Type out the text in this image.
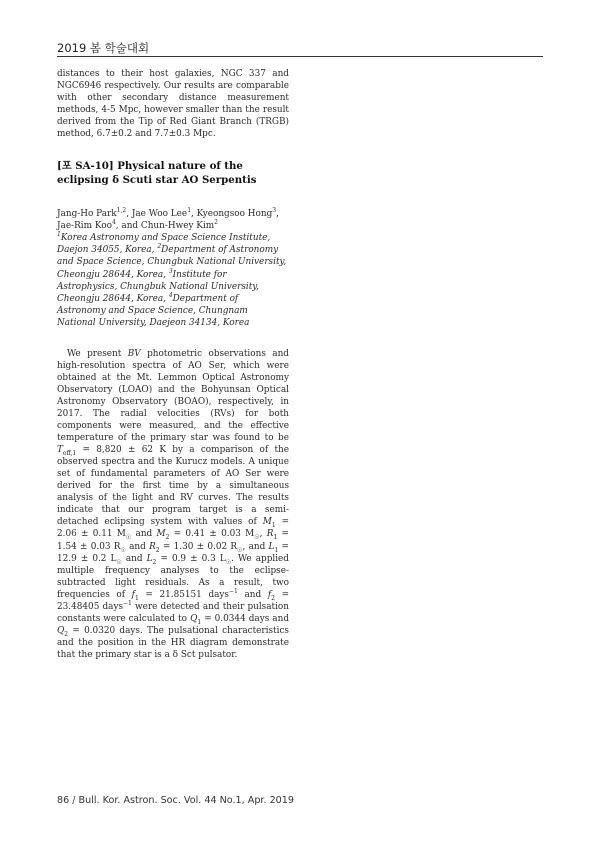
2019 봄 학술대회

distances to their host galaxies, NGC 337 and NGC6946 respectively. Our results are comparable with other secondary distance measurement methods, 4-5 Mpc, however smaller than the result derived from the Tip of Red Giant Branch (TRGB) method, 6.7±0.2 and 7.7±0.3 Mpc.

[포 SA-10] Physical nature of the eclipsing δ Scuti star AO Serpentis

Jang-Ho Park$^{1,2}$, Jae Woo Lee$^1$, Kyeongsoo Hong$^3$, Jae-Rim Koo$^4$, and Chun-Hwey Kim$^2$

$^1$Korea Astronomy and Space Science Institute, Daejon 34055, Korea, $^2$Department of Astronomy and Space Science, Chungbuk National University, Cheongju 28644, Korea, $^3$Institute for Astrophysics, Chungbuk National University, Cheongju 28644, Korea, $^4$Department of Astronomy and Space Science, Chungnam National University, Daejeon 34134, Korea

We present BV photometric observations and high-resolution spectra of AO Ser, which were obtained at the Mt. Lemmon Optical Astronomy Observatory (LOAO) and the Bohyunsan Optical Astronomy Observatory (BOAO), respectively, in 2017. The radial velocities (RVs) for both components were measured, and the effective temperature of the primary star was found to be $T_{eff,1} = 8,820 \pm 62$ K by a comparison of the observed spectra and the Kurucz models. A unique set of fundamental parameters of AO Ser were derived for the first time by a simultaneous analysis of the light and RV curves. The results indicate that our program target is a semi-detached eclipsing system with values of $M_1 = 2.06 \pm 0.11$ $M_☉$ and $M_2 = 0.41 \pm 0.03$ $M_☉$, $R_1 = 1.54 \pm 0.03$ $R_☉$ and $R_2 = 1.30 \pm 0.02$ $R_☉$, and $L_1 = 12.9 \pm 0.2$ $L_☉$ and $L_2 = 0.9 \pm 0.3$ $L_☉$. We applied multiple frequency analyses to the eclipse-subtracted light residuals. As a result, two frequencies of $f_1 = 21.85151$ days$^{-1}$ and $f_2 = 23.48405$ days$^{-1}$ were detected and their pulsation constants were calculated to $Q_1 = 0.0344$ days and $Q_2 = 0.0320$ days. The pulsational characteristics and the position in the HR diagram demonstrate that the primary star is a δ Sct pulsator.

86 / Bull. Kor. Astron. Soc. Vol. 44 No.1, Apr. 2019
